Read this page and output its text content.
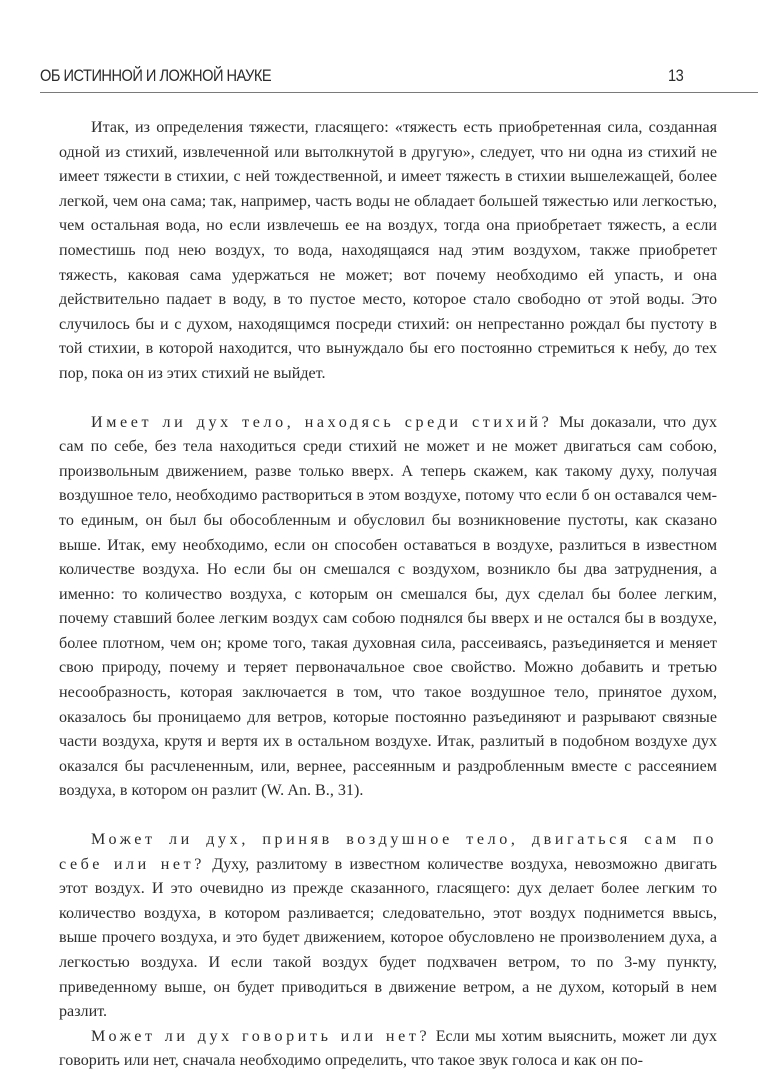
ОБ ИСТИННОЙ И ЛОЖНОЙ НАУКЕ	13

Итак, из определения тяжести, гласящего: «тяжесть есть приобретенная сила, созданная одной из стихий, извлеченной или вытолкнутой в другую», следует, что ни одна из стихий не имеет тяжести в стихии, с ней тождественной, и имеет тяжесть в стихии вышележащей, более легкой, чем она сама; так, например, часть воды не обладает большей тяжестью или легкостью, чем остальная вода, но если извлечешь ее на воздух, тогда она приобретает тяжесть, а если поместишь под нею воздух, то вода, находящаяся над этим воздухом, также приобретет тяжесть, каковая сама удержаться не может; вот почему необходимо ей упасть, и она действительно падает в воду, в то пустое место, которое стало свободно от этой воды. Это случилось бы и с духом, находящимся посреди стихий: он непрестанно рождал бы пустоту в той стихии, в которой находится, что вынуждало бы его постоянно стремиться к небу, до тех пор, пока он из этих стихий не выйдет.

Имеет ли дух тело, находясь среди стихий? Мы доказали, что дух сам по себе, без тела находиться среди стихий не может и не может двигаться сам собою, произвольным движением, разве только вверх. А теперь скажем, как такому духу, получая воздушное тело, необходимо раствориться в этом воздухе, потому что если б он оставался чем-то единым, он был бы обособленным и обусловил бы возникновение пустоты, как сказано выше. Итак, ему необходимо, если он способен оставаться в воздухе, разлиться в известном количестве воздуха. Но если бы он смешался с воздухом, возникло бы два затруднения, а именно: то количество воздуха, с которым он смешался бы, дух сделал бы более легким, почему ставший более легким воздух сам собою поднялся бы вверх и не остался бы в воздухе, более плотном, чем он; кроме того, такая духовная сила, рассеиваясь, разъединяется и меняет свою природу, почему и теряет первоначальное свое свойство. Можно добавить и третью несообразность, которая заключается в том, что такое воздушное тело, принятое духом, оказалось бы проницаемо для ветров, которые постоянно разъединяют и разрывают связные части воздуха, крутя и вертя их в остальном воздухе. Итак, разлитый в подобном воздухе дух оказался бы расчлененным, или, вернее, рассеянным и раздробленным вместе с рассеянием воздуха, в котором он разлит (W. An. B., 31).

Может ли дух, приняв воздушное тело, двигаться сам по себе или нет? Духу, разлитому в известном количестве воздуха, невозможно двигать этот воздух. И это очевидно из прежде сказанного, гласящего: дух делает более легким то количество воздуха, в котором разливается; следовательно, этот воздух поднимется ввысь, выше прочего воздуха, и это будет движением, которое обусловлено не произволением духа, а легкостью воздуха. И если такой воздух будет подхвачен ветром, то по 3-му пункту, приведенному выше, он будет приводиться в движение ветром, а не духом, который в нем разлит.

Может ли дух говорить или нет? Если мы хотим выяснить, может ли дух говорить или нет, сначала необходимо определить, что такое звук голоса и как он по-
